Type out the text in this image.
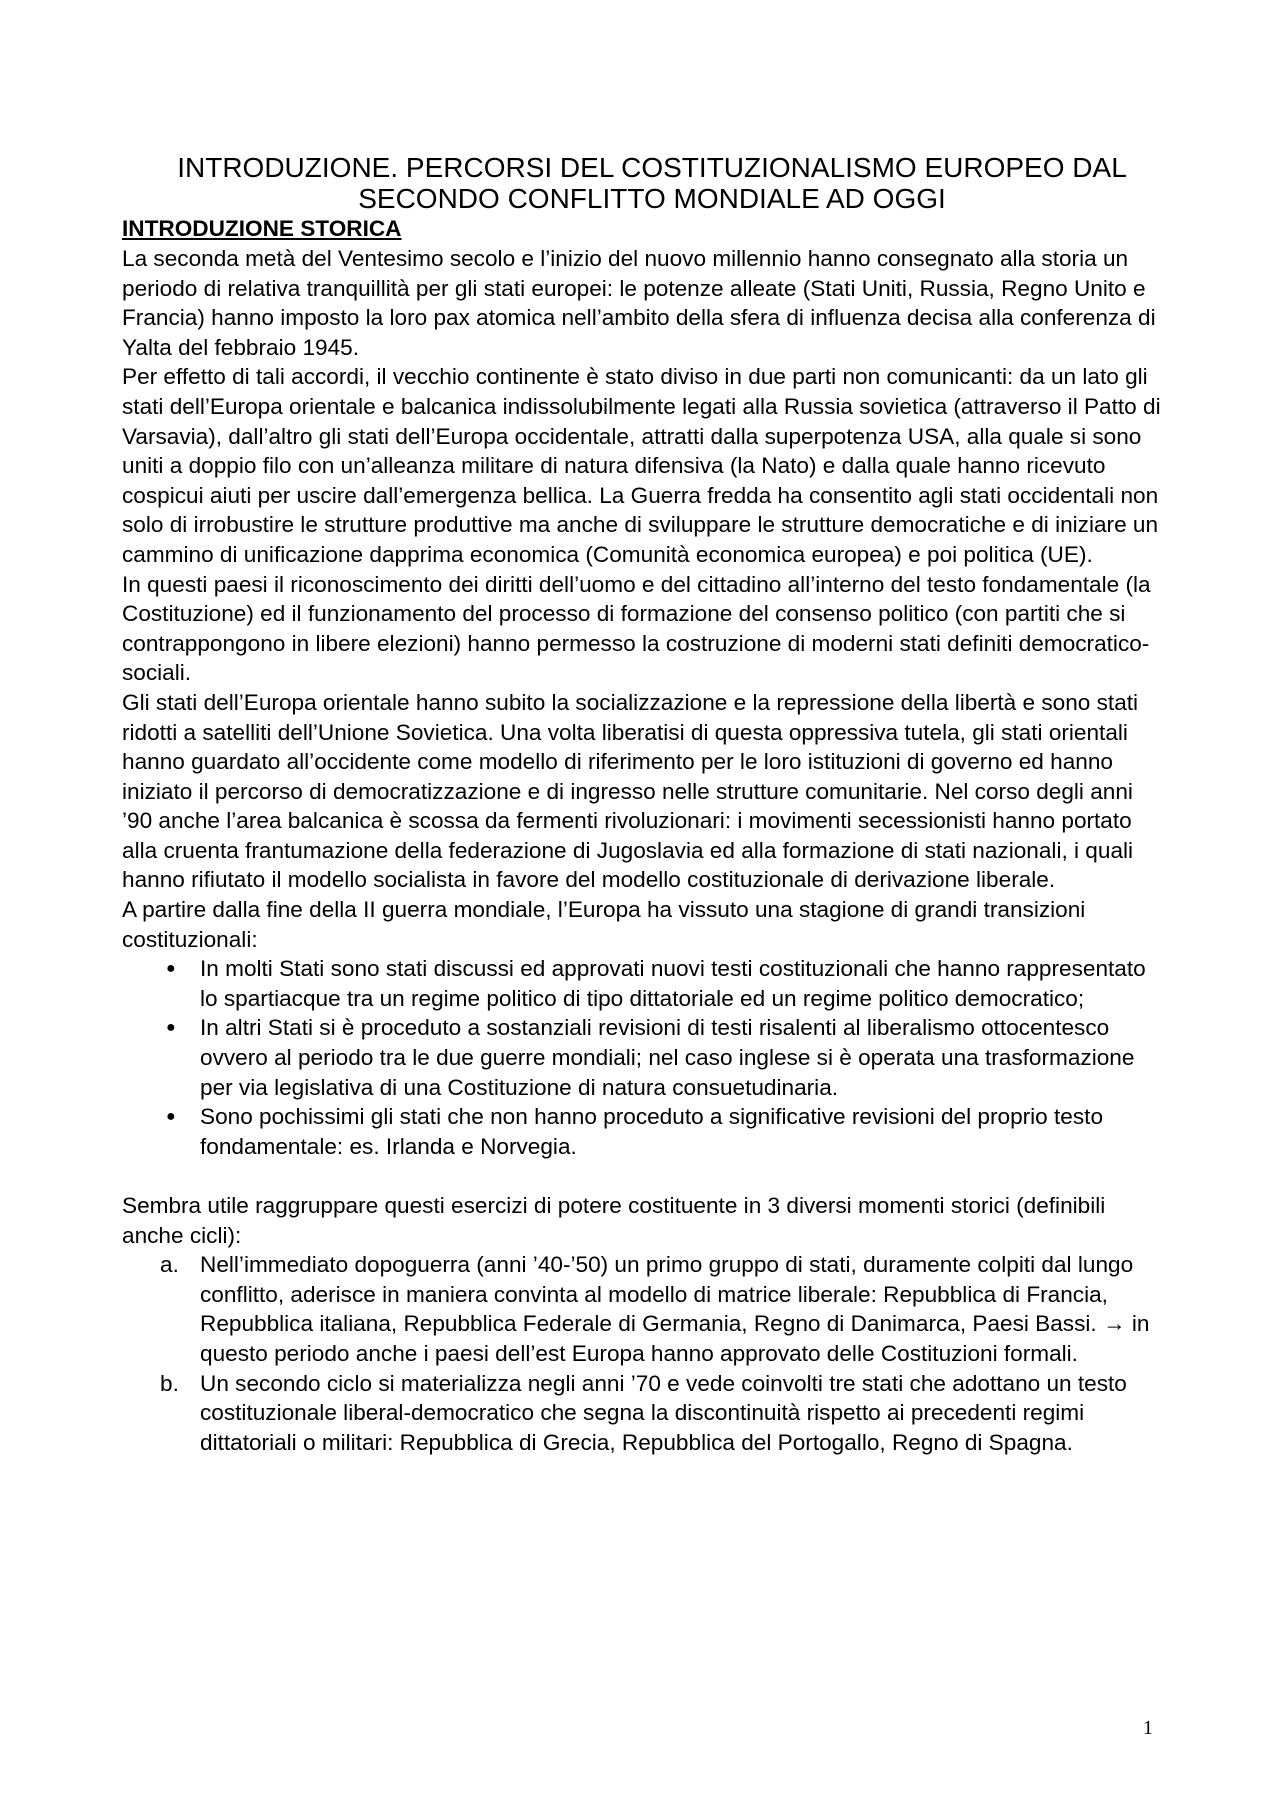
INTRODUZIONE. PERCORSI DEL COSTITUZIONALISMO EUROPEO DAL
SECONDO CONFLITTO MONDIALE AD OGGI
INTRODUZIONE STORICA

La seconda metà del Ventesimo secolo e l’inizio del nuovo millennio hanno consegnato alla storia un periodo di relativa tranquillità per gli stati europei: le potenze alleate (Stati Uniti, Russia, Regno Unito e Francia) hanno imposto la loro pax atomica nell’ambito della sfera di influenza decisa alla conferenza di Yalta del febbraio 1945.

Per effetto di tali accordi, il vecchio continente è stato diviso in due parti non comunicanti: da un lato gli stati dell’Europa orientale e balcanica indissolubilmente legati alla Russia sovietica (attraverso il Patto di Varsavia), dall’altro gli stati dell’Europa occidentale, attratti dalla superpotenza USA, alla quale si sono uniti a doppio filo con un’alleanza militare di natura difensiva (la Nato) e dalla quale hanno ricevuto cospicui aiuti per uscire dall’emergenza bellica. La Guerra fredda ha consentito agli stati occidentali non solo di irrobustire le strutture produttive ma anche di sviluppare le strutture democratiche e di iniziare un cammino di unificazione dapprima economica (Comunità economica europea) e poi politica (UE).

In questi paesi il riconoscimento dei diritti dell’uomo e del cittadino all’interno del testo fondamentale (la Costituzione) ed il funzionamento del processo di formazione del consenso politico (con partiti che si contrappongono in libere elezioni) hanno permesso la costruzione di moderni stati definiti democratico-sociali.

Gli stati dell’Europa orientale hanno subito la socializzazione e la repressione della libertà e sono stati ridotti a satelliti dell’Unione Sovietica. Una volta liberatisi di questa oppressiva tutela, gli stati orientali hanno guardato all’occidente come modello di riferimento per le loro istituzioni di governo ed hanno iniziato il percorso di democratizzazione e di ingresso nelle strutture comunitarie. Nel corso degli anni ’90 anche l’area balcanica è scossa da fermenti rivoluzionari: i movimenti secessionisti hanno portato alla cruenta frantumazione della federazione di Jugoslavia ed alla formazione di stati nazionali, i quali hanno rifiutato il modello socialista in favore del modello costituzionale di derivazione liberale.

A partire dalla fine della II guerra mondiale, l’Europa ha vissuto una stagione di grandi transizioni costituzionali:

●	In molti Stati sono stati discussi ed approvati nuovi testi costituzionali che hanno rappresentato lo spartiacque tra un regime politico di tipo dittatoriale ed un regime politico democratico;
●	In altri Stati si è proceduto a sostanziali revisioni di testi risalenti al liberalismo ottocentesco ovvero al periodo tra le due guerre mondiali; nel caso inglese si è operata una trasformazione per via legislativa di una Costituzione di natura consuetudinaria.
●	Sono pochissimi gli stati che non hanno proceduto a significative revisioni del proprio testo fondamentale: es. Irlanda e Norvegia.

Sembra utile raggruppare questi esercizi di potere costituente in 3 diversi momenti storici (definibili anche cicli):

a. Nell’immediato dopoguerra (anni ’40-’50) un primo gruppo di stati, duramente colpiti dal lungo conflitto, aderisce in maniera convinta al modello di matrice liberale: Repubblica di Francia, Repubblica italiana, Repubblica Federale di Germania, Regno di Danimarca, Paesi Bassi. → in questo periodo anche i paesi dell’est Europa hanno approvato delle Costituzioni formali.
b. Un secondo ciclo si materializza negli anni ’70 e vede coinvolti tre stati che adottano un testo costituzionale liberal-democratico che segna la discontinuità rispetto ai precedenti regimi dittatoriali o militari: Repubblica di Grecia, Repubblica del Portogallo, Regno di Spagna.
1
